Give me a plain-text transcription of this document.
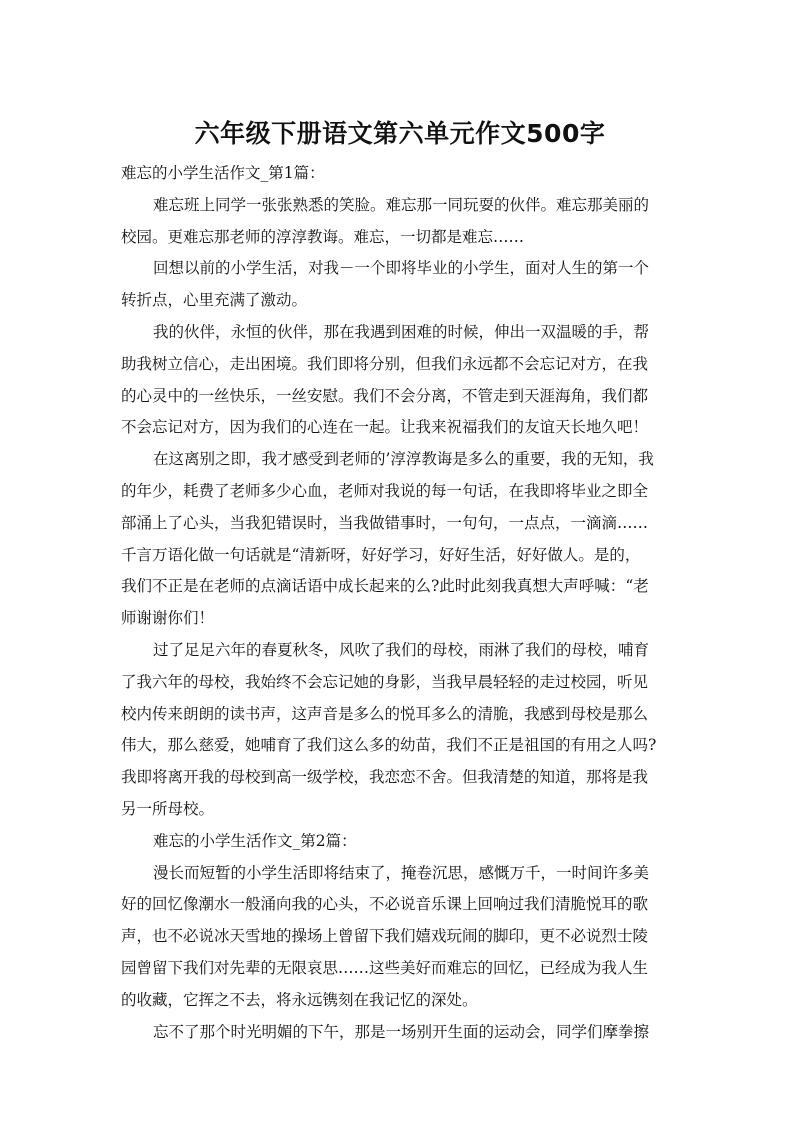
六年级下册语文第六单元作文500字
难忘的小学生活作文_第1篇：
难忘班上同学一张张熟悉的笑脸。难忘那一同玩耍的伙伴。难忘那美丽的
校园。更难忘那老师的淳淳教诲。难忘，一切都是难忘……
回想以前的小学生活，对我－一个即将毕业的小学生，面对人生的第一个
转折点，心里充满了激动。
我的伙伴，永恒的伙伴，那在我遇到困难的时候，伸出一双温暖的手，帮
助我树立信心，走出困境。我们即将分别，但我们永远都不会忘记对方，在我
的心灵中的一丝快乐，一丝安慰。我们不会分离，不管走到天涯海角，我们都
不会忘记对方，因为我们的心连在一起。让我来祝福我们的友谊天长地久吧！
在这离别之即，我才感受到老师的’淳淳教诲是多么的重要，我的无知，我
的年少，耗费了老师多少心血，老师对我说的每一句话，在我即将毕业之即全
部涌上了心头，当我犯错误时，当我做错事时，一句句，一点点，一滴滴……
千言万语化做一句话就是“清新呀，好好学习，好好生活，好好做人。是的，
我们不正是在老师的点滴话语中成长起来的么?此时此刻我真想大声呼喊：“老
师谢谢你们！
过了足足六年的春夏秋冬，风吹了我们的母校，雨淋了我们的母校，哺育
了我六年的母校，我始终不会忘记她的身影，当我早晨轻轻的走过校园，听见
校内传来朗朗的读书声，这声音是多么的悦耳多么的清脆，我感到母校是那么
伟大，那么慈爱，她哺育了我们这么多的幼苗，我们不正是祖国的有用之人吗?
我即将离开我的母校到高一级学校，我恋恋不舍。但我清楚的知道，那将是我
另一所母校。
难忘的小学生活作文_第2篇：
漫长而短暂的小学生活即将结束了，掩卷沉思，感慨万千，一时间许多美
好的回忆像潮水一般涌向我的心头，不必说音乐课上回响过我们清脆悦耳的歌
声，也不必说冰天雪地的操场上曾留下我们嬉戏玩闹的脚印，更不必说烈士陵
园曾留下我们对先辈的无限哀思……这些美好而难忘的回忆，已经成为我人生
的收藏，它挥之不去，将永远镌刻在我记忆的深处。
忘不了那个时光明媚的下午，那是一场别开生面的运动会，同学们摩拳擦
